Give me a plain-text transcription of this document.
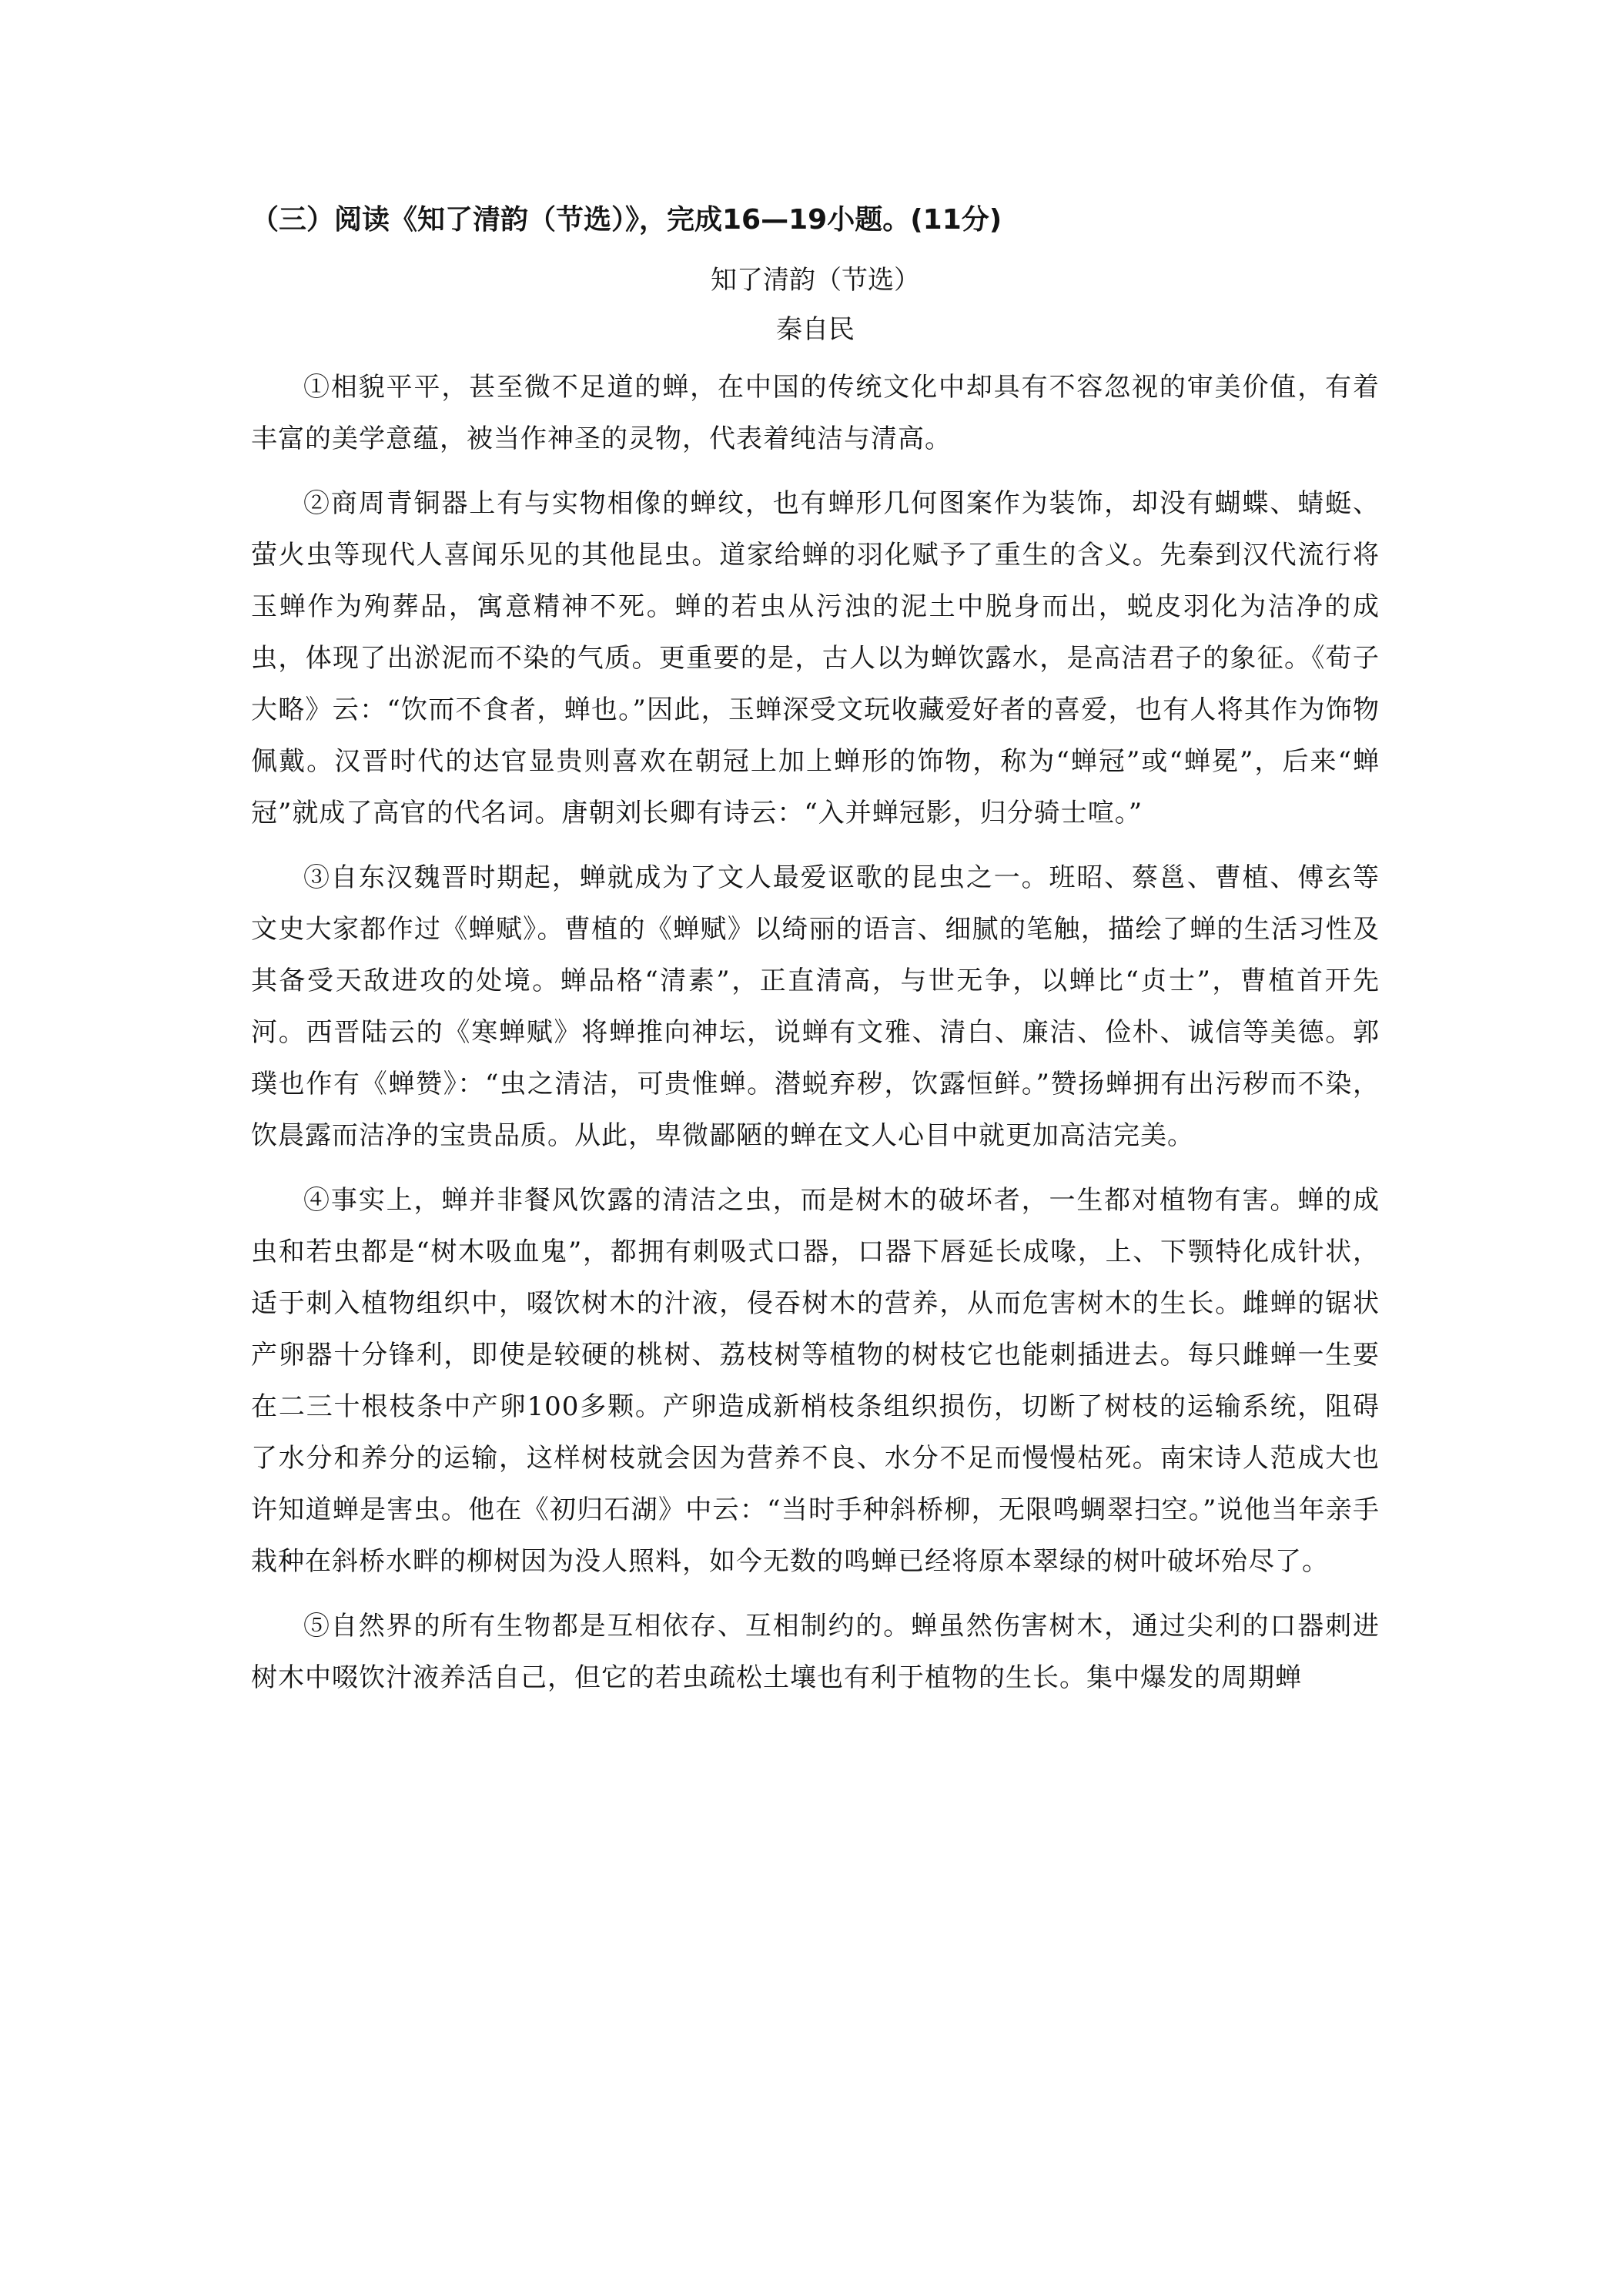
（三）阅读《知了清韵（节选）》，完成16—19小题。(11分)

知了清韵（节选）

秦自民

①相貌平平，甚至微不足道的蝉，在中国的传统文化中却具有不容忽视的审美价值，有着丰富的美学意蕴，被当作神圣的灵物，代表着纯洁与清高。

②商周青铜器上有与实物相像的蝉纹，也有蝉形几何图案作为装饰，却没有蝴蝶、蜻蜓、萤火虫等现代人喜闻乐见的其他昆虫。道家给蝉的羽化赋予了重生的含义。先秦到汉代流行将玉蝉作为殉葬品，寓意精神不死。蝉的若虫从污浊的泥土中脱身而出，蜕皮羽化为洁净的成虫，体现了出淤泥而不染的气质。更重要的是，古人以为蝉饮露水，是高洁君子的象征。《荀子大略》云：“饮而不食者，蝉也。”因此，玉蝉深受文玩收藏爱好者的喜爱，也有人将其作为饰物佩戴。汉晋时代的达官显贵则喜欢在朝冠上加上蝉形的饰物，称为“蝉冠”或“蝉冕”，后来“蝉冠”就成了高官的代名词。唐朝刘长卿有诗云：“入并蝉冠影，归分骑士喧。”

③自东汉魏晋时期起，蝉就成为了文人最爱讴歌的昆虫之一。班昭、蔡邕、曹植、傅玄等文史大家都作过《蝉赋》。曹植的《蝉赋》以绮丽的语言、细腻的笔触，描绘了蝉的生活习性及其备受天敌进攻的处境。蝉品格“清素”，正直清高，与世无争，以蝉比“贞士”，曹植首开先河。西晋陆云的《寒蝉赋》将蝉推向神坛，说蝉有文雅、清白、廉洁、俭朴、诚信等美德。郭璞也作有《蝉赞》：“虫之清洁，可贵惟蝉。潜蜕弃秽，饮露恒鲜。”赞扬蝉拥有出污秽而不染，饮晨露而洁净的宝贵品质。从此，卑微鄙陋的蝉在文人心目中就更加高洁完美。

④事实上，蝉并非餐风饮露的清洁之虫，而是树木的破坏者，一生都对植物有害。蝉的成虫和若虫都是“树木吸血鬼”，都拥有刺吸式口器，口器下唇延长成喙，上、下颚特化成针状，适于刺入植物组织中，啜饮树木的汁液，侵吞树木的营养，从而危害树木的生长。雌蝉的锯状产卵器十分锋利，即使是较硬的桃树、荔枝树等植物的树枝它也能刺插进去。每只雌蝉一生要在二三十根枝条中产卵100多颗。产卵造成新梢枝条组织损伤，切断了树枝的运输系统，阻碍了水分和养分的运输，这样树枝就会因为营养不良、水分不足而慢慢枯死。南宋诗人范成大也许知道蝉是害虫。他在《初归石湖》中云：“当时手种斜桥柳，无限鸣蜩翠扫空。”说他当年亲手栽种在斜桥水畔的柳树因为没人照料，如今无数的鸣蝉已经将原本翠绿的树叶破坏殆尽了。

⑤自然界的所有生物都是互相依存、互相制约的。蝉虽然伤害树木，通过尖利的口器刺进树木中啜饮汁液养活自己，但它的若虫疏松土壤也有利于植物的生长。集中爆发的周期蝉
